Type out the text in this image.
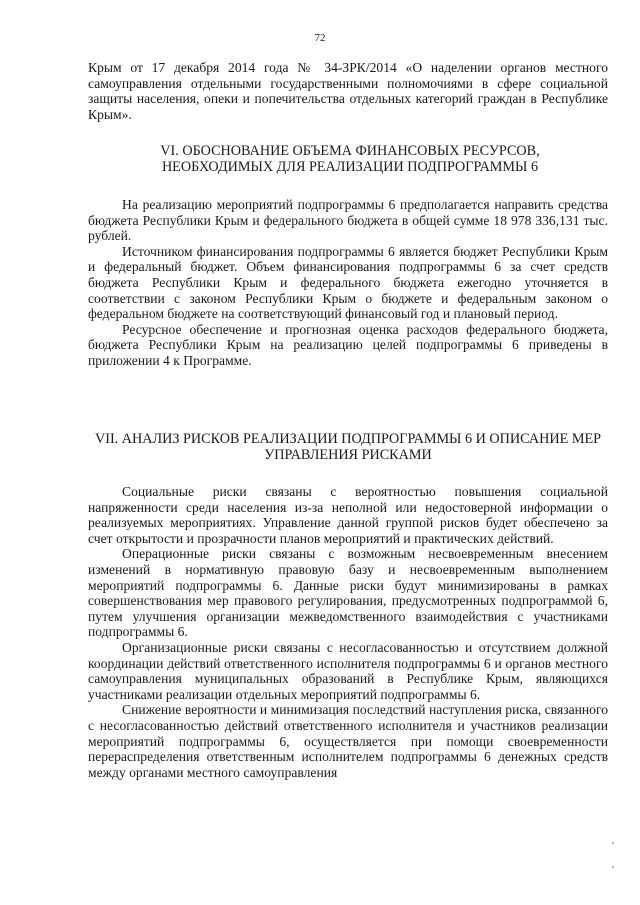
72

Крым от 17 декабря 2014 года № 34-ЗРК/2014 «О наделении органов местного самоуправления отдельными государственными полномочиями в сфере социальной защиты населения, опеки и попечительства отдельных категорий граждан в Республике Крым».

VI. ОБОСНОВАНИЕ ОБЪЕМА ФИНАНСОВЫХ РЕСУРСОВ, НЕОБХОДИМЫХ ДЛЯ РЕАЛИЗАЦИИ ПОДПРОГРАММЫ 6

На реализацию мероприятий подпрограммы 6 предполагается направить средства бюджета Республики Крым и федерального бюджета в общей сумме 18 978 336,131 тыс. рублей.

Источником финансирования подпрограммы 6 является бюджет Республики Крым и федеральный бюджет. Объем финансирования подпрограммы 6 за счет средств бюджета Республики Крым и федерального бюджета ежегодно уточняется в соответствии с законом Республики Крым о бюджете и федеральным законом о федеральном бюджете на соответствующий финансовый год и плановый период.

Ресурсное обеспечение и прогнозная оценка расходов федерального бюджета, бюджета Республики Крым на реализацию целей подпрограммы 6 приведены в приложении 4 к Программе.

VII. АНАЛИЗ РИСКОВ РЕАЛИЗАЦИИ ПОДПРОГРАММЫ 6 И ОПИСАНИЕ МЕР УПРАВЛЕНИЯ РИСКАМИ

Социальные риски связаны с вероятностью повышения социальной напряженности среди населения из-за неполной или недостоверной информации о реализуемых мероприятиях. Управление данной группой рисков будет обеспечено за счет открытости и прозрачности планов мероприятий и практических действий.

Операционные риски связаны с возможным несвоевременным внесением изменений в нормативную правовую базу и несвоевременным выполнением мероприятий подпрограммы 6. Данные риски будут минимизированы в рамках совершенствования мер правового регулирования, предусмотренных подпрограммой 6, путем улучшения организации межведомственного взаимодействия с участниками подпрограммы 6.

Организационные риски связаны с несогласованностью и отсутствием должной координации действий ответственного исполнителя подпрограммы 6 и органов местного самоуправления муниципальных образований в Республике Крым, являющихся участниками реализации отдельных мероприятий подпрограммы 6.

Снижение вероятности и минимизация последствий наступления риска, связанного с несогласованностью действий ответственного исполнителя и участников реализации мероприятий подпрограммы 6, осуществляется при помощи своевременности перераспределения ответственным исполнителем подпрограммы 6 денежных средств между органами местного самоуправления
